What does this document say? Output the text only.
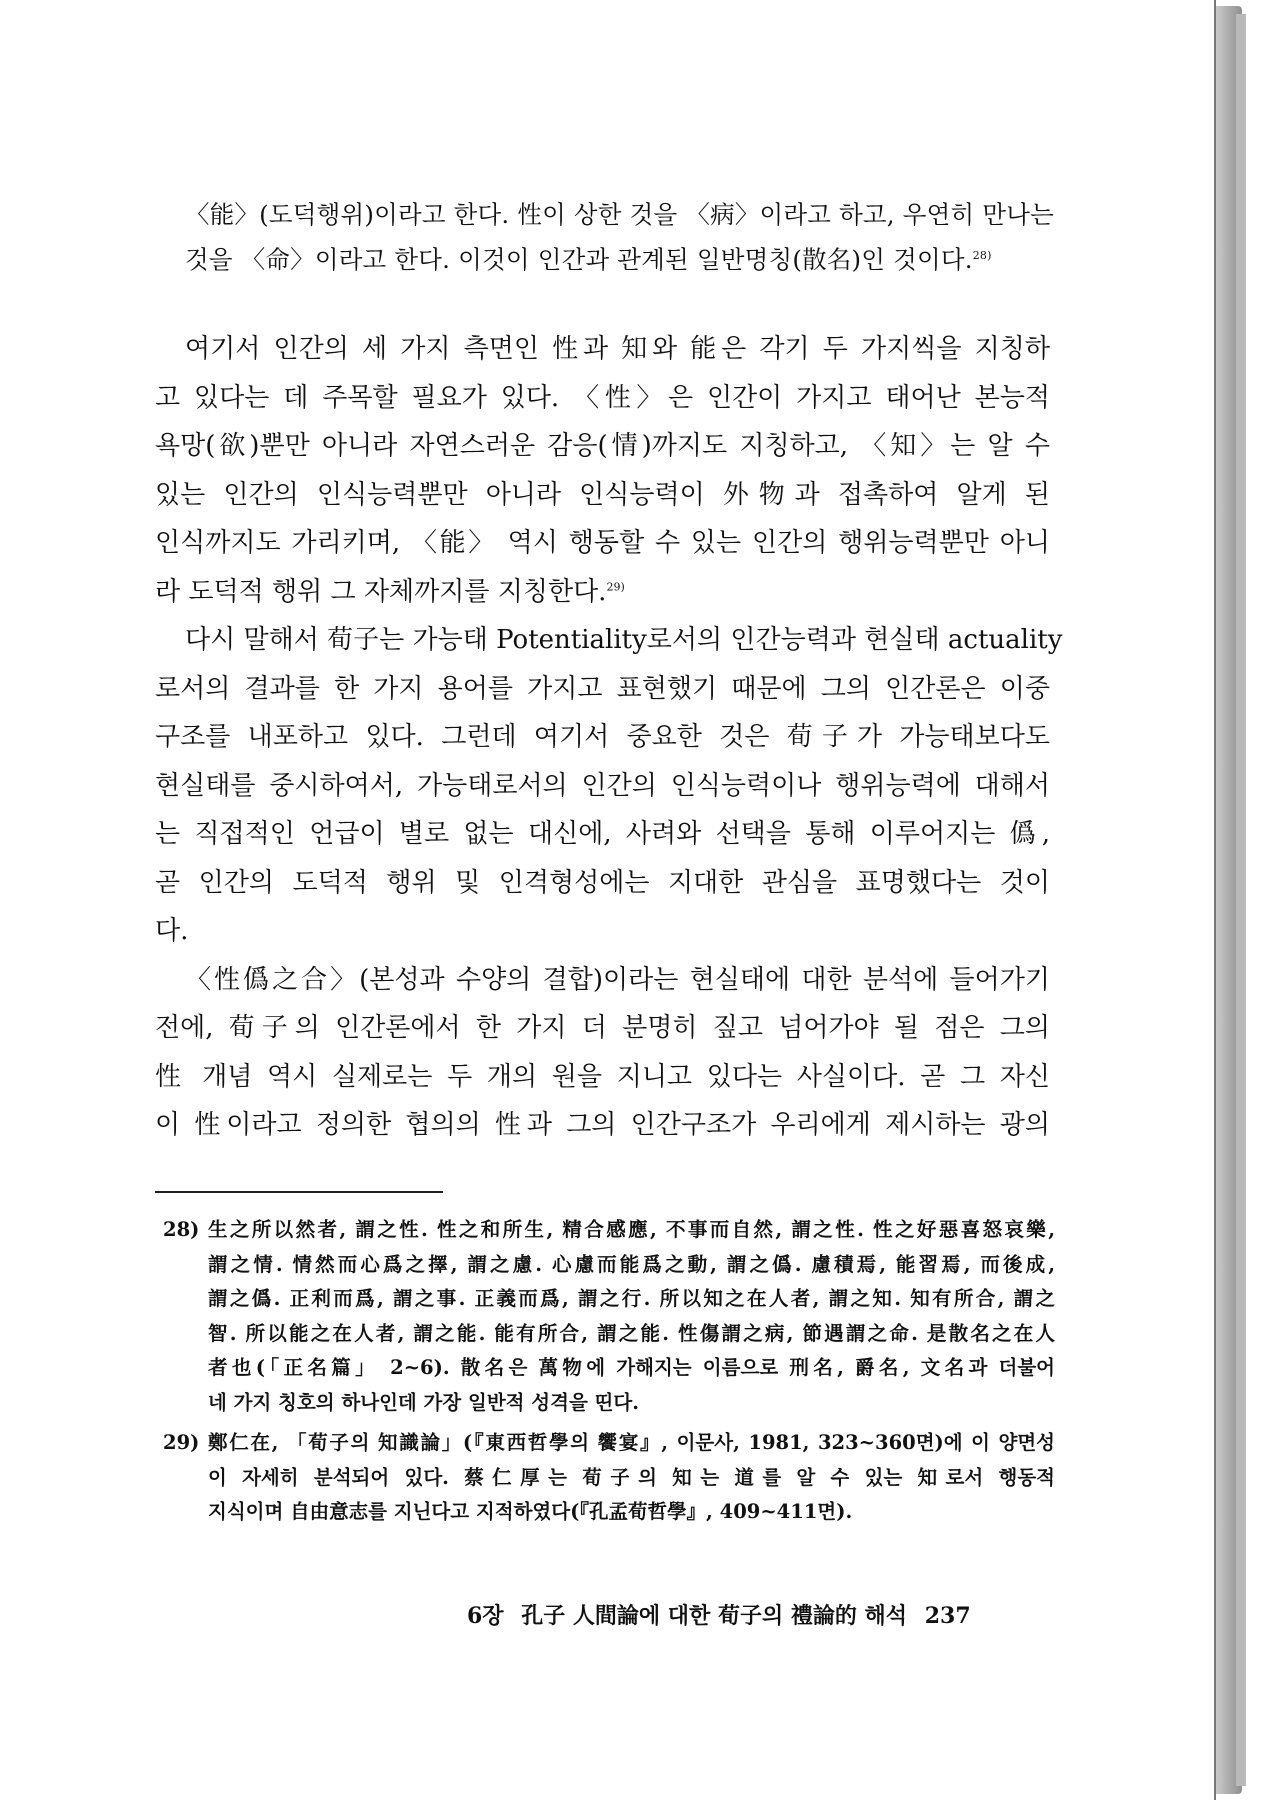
〈能〉(도덕행위)이라고 한다. 性이 상한 것을 〈病〉이라고 하고, 우연히 만나는

것을 〈命〉이라고 한다. 이것이 인간과 관계된 일반명칭(散名)인 것이다.$^{28)}$

여기서 인간의 세 가지 측면인 性과 知와 能은 각기 두 가지씩을 지칭하
고 있다는 데 주목할 필요가 있다. 〈性〉은 인간이 가지고 태어난 본능적
욕망(欲)뿐만 아니라 자연스러운 감응(情)까지도 지칭하고, 〈知〉는 알 수
있는 인간의 인식능력뿐만 아니라 인식능력이 外物과 접촉하여 알게 된
인식까지도 가리키며, 〈能〉 역시 행동할 수 있는 인간의 행위능력뿐만 아니
라 도덕적 행위 그 자체까지를 지칭한다.$^{29)}$
다시 말해서 荀子는 가능태 Potentiality로서의 인간능력과 현실태 actuality
로서의 결과를 한 가지 용어를 가지고 표현했기 때문에 그의 인간론은 이중
구조를 내포하고 있다. 그런데 여기서 중요한 것은 荀子가 가능태보다도
현실태를 중시하여서, 가능태로서의 인간의 인식능력이나 행위능력에 대해서
는 직접적인 언급이 별로 없는 대신에, 사려와 선택을 통해 이루어지는 僞,
곧 인간의 도덕적 행위 및 인격형성에는 지대한 관심을 표명했다는 것이
다.
〈性僞之合〉(본성과 수양의 결합)이라는 현실태에 대한 분석에 들어가기
전에, 荀子의 인간론에서 한 가지 더 분명히 짚고 넘어가야 될 점은 그의
性 개념 역시 실제로는 두 개의 원을 지니고 있다는 사실이다. 곧 그 자신
이 性이라고 정의한 협의의 性과 그의 인간구조가 우리에게 제시하는 광의
28) 生之所以然者, 謂之性. 性之和所生, 精合感應, 不事而自然, 謂之性. 性之好惡喜怒哀樂,
謂之情. 情然而心爲之擇, 謂之慮. 心慮而能爲之動, 謂之僞. 慮積焉, 能習焉, 而後成,
謂之僞. 正利而爲, 謂之事. 正義而爲, 謂之行. 所以知之在人者, 謂之知. 知有所合, 謂之
智. 所以能之在人者, 謂之能. 能有所合, 謂之能. 性傷謂之病, 節遇謂之命. 是散名之在人
者也(「正名篇」 2~6). 散名은 萬物에 가해지는 이름으로 刑名, 爵名, 文名과 더불어
네 가지 칭호의 하나인데 가장 일반적 성격을 띤다.
29) 鄭仁在, 「荀子의 知識論」(『東西哲學의 饗宴』, 이문사, 1981, 323~360면)에 이 양면성
이 자세히 분석되어 있다. 蔡仁厚는 荀子의 知는 道를 알 수 있는 知로서 행동적
지식이며 自由意志를 지닌다고 지적하였다(『孔孟荀哲學』, 409~411면).
6장 孔子 人間論에 대한 荀子의 禮論的 해석 237
